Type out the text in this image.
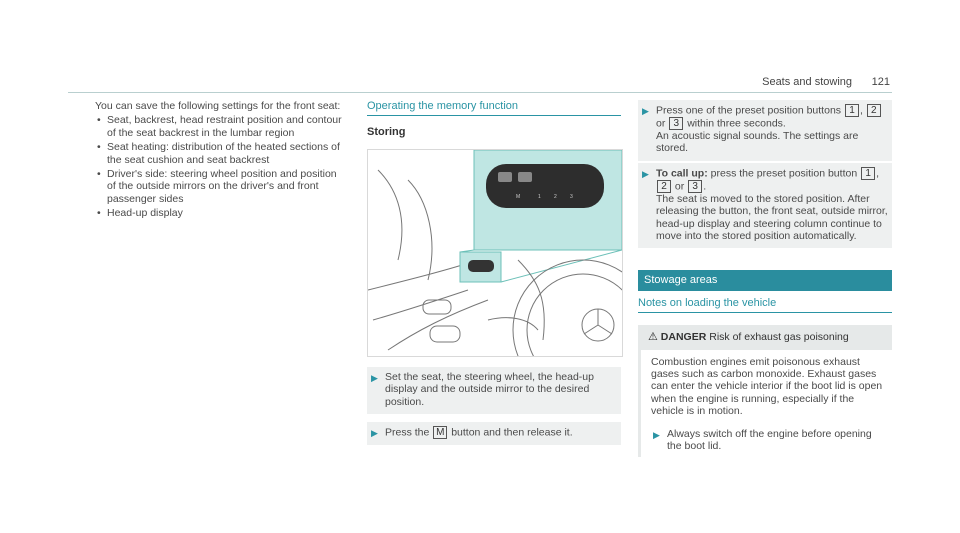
Seats and stowing 121

You can save the following settings for the front seat:

• Seat, backrest, head restraint position and contour of the seat backrest in the lumbar region
• Seat heating: distribution of the heated sections of the seat cushion and seat backrest
• Driver's side: steering wheel position and position of the outside mirrors on the driver's and front passenger sides
• Head-up display
Operating the memory function
Storing
M	1	2	3
▶ Set the seat, the steering wheel, the head-up display and the outside mirror to the desired position.
▶ Press the M button and then release it.
▶ Press one of the preset position buttons 1 , 2 or 3 within three seconds.
An acoustic signal sounds. The settings are stored.
▶ To call up: press the preset position button 1 , 2 or 3 .
The seat is moved to the stored position. After releasing the button, the front seat, outside mirror, head-up display and steering column continue to move into the stored position automatically.
Stowage areas
Notes on loading the vehicle
⚠ DANGER Risk of exhaust gas poisoning

Combustion engines emit poisonous exhaust gases such as carbon monoxide. Exhaust gases can enter the vehicle interior if the boot lid is open when the engine is running, especially if the vehicle is in motion.

▶ Always switch off the engine before opening the boot lid.
